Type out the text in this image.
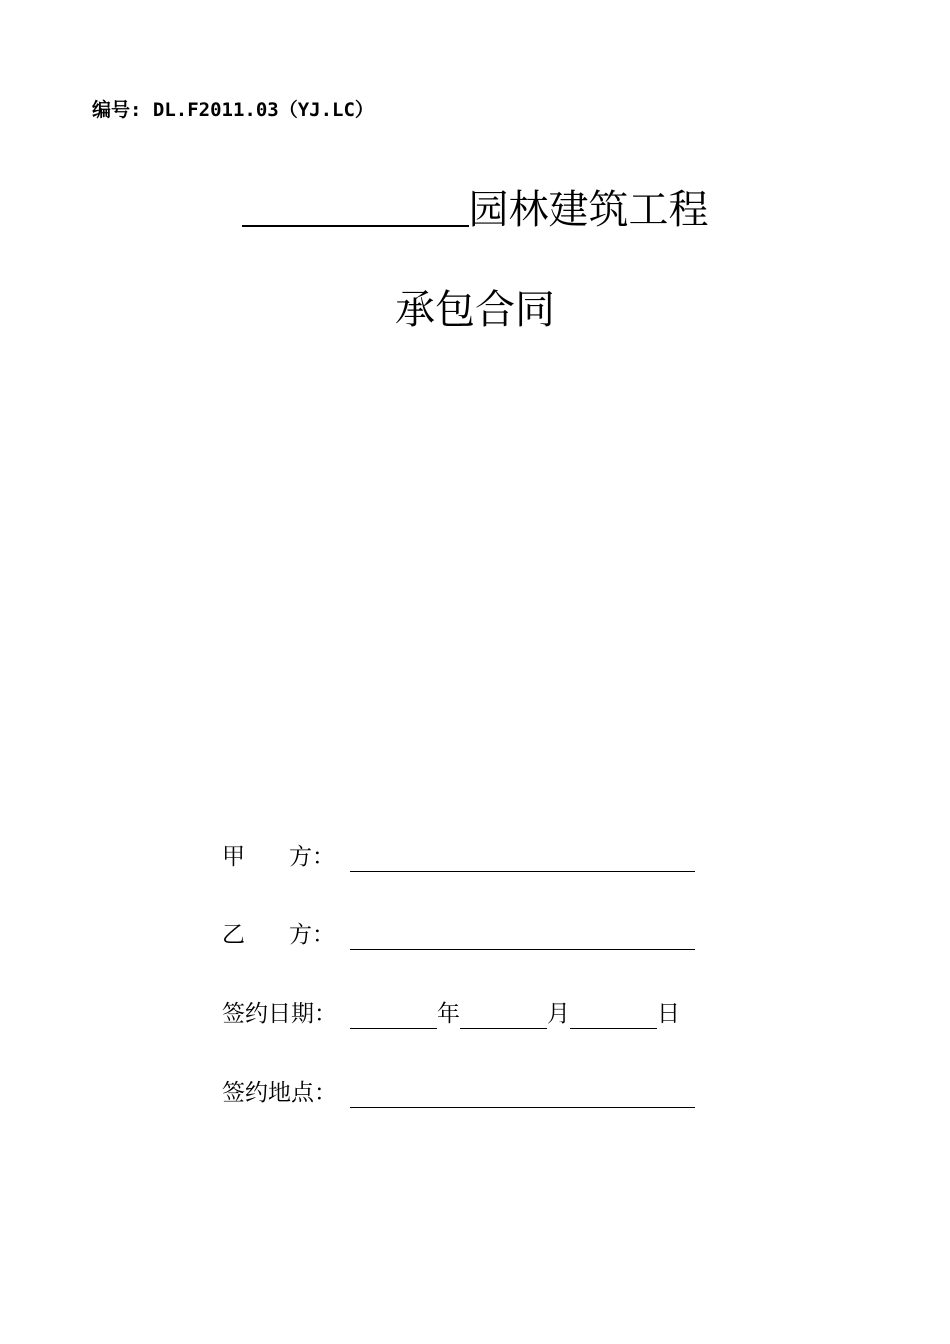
编号: DL.F2011.03（YJ.LC）
园林建筑工程
承包合同
甲 方：
乙 方：
签约日期：	年	月	日
签约地点：
